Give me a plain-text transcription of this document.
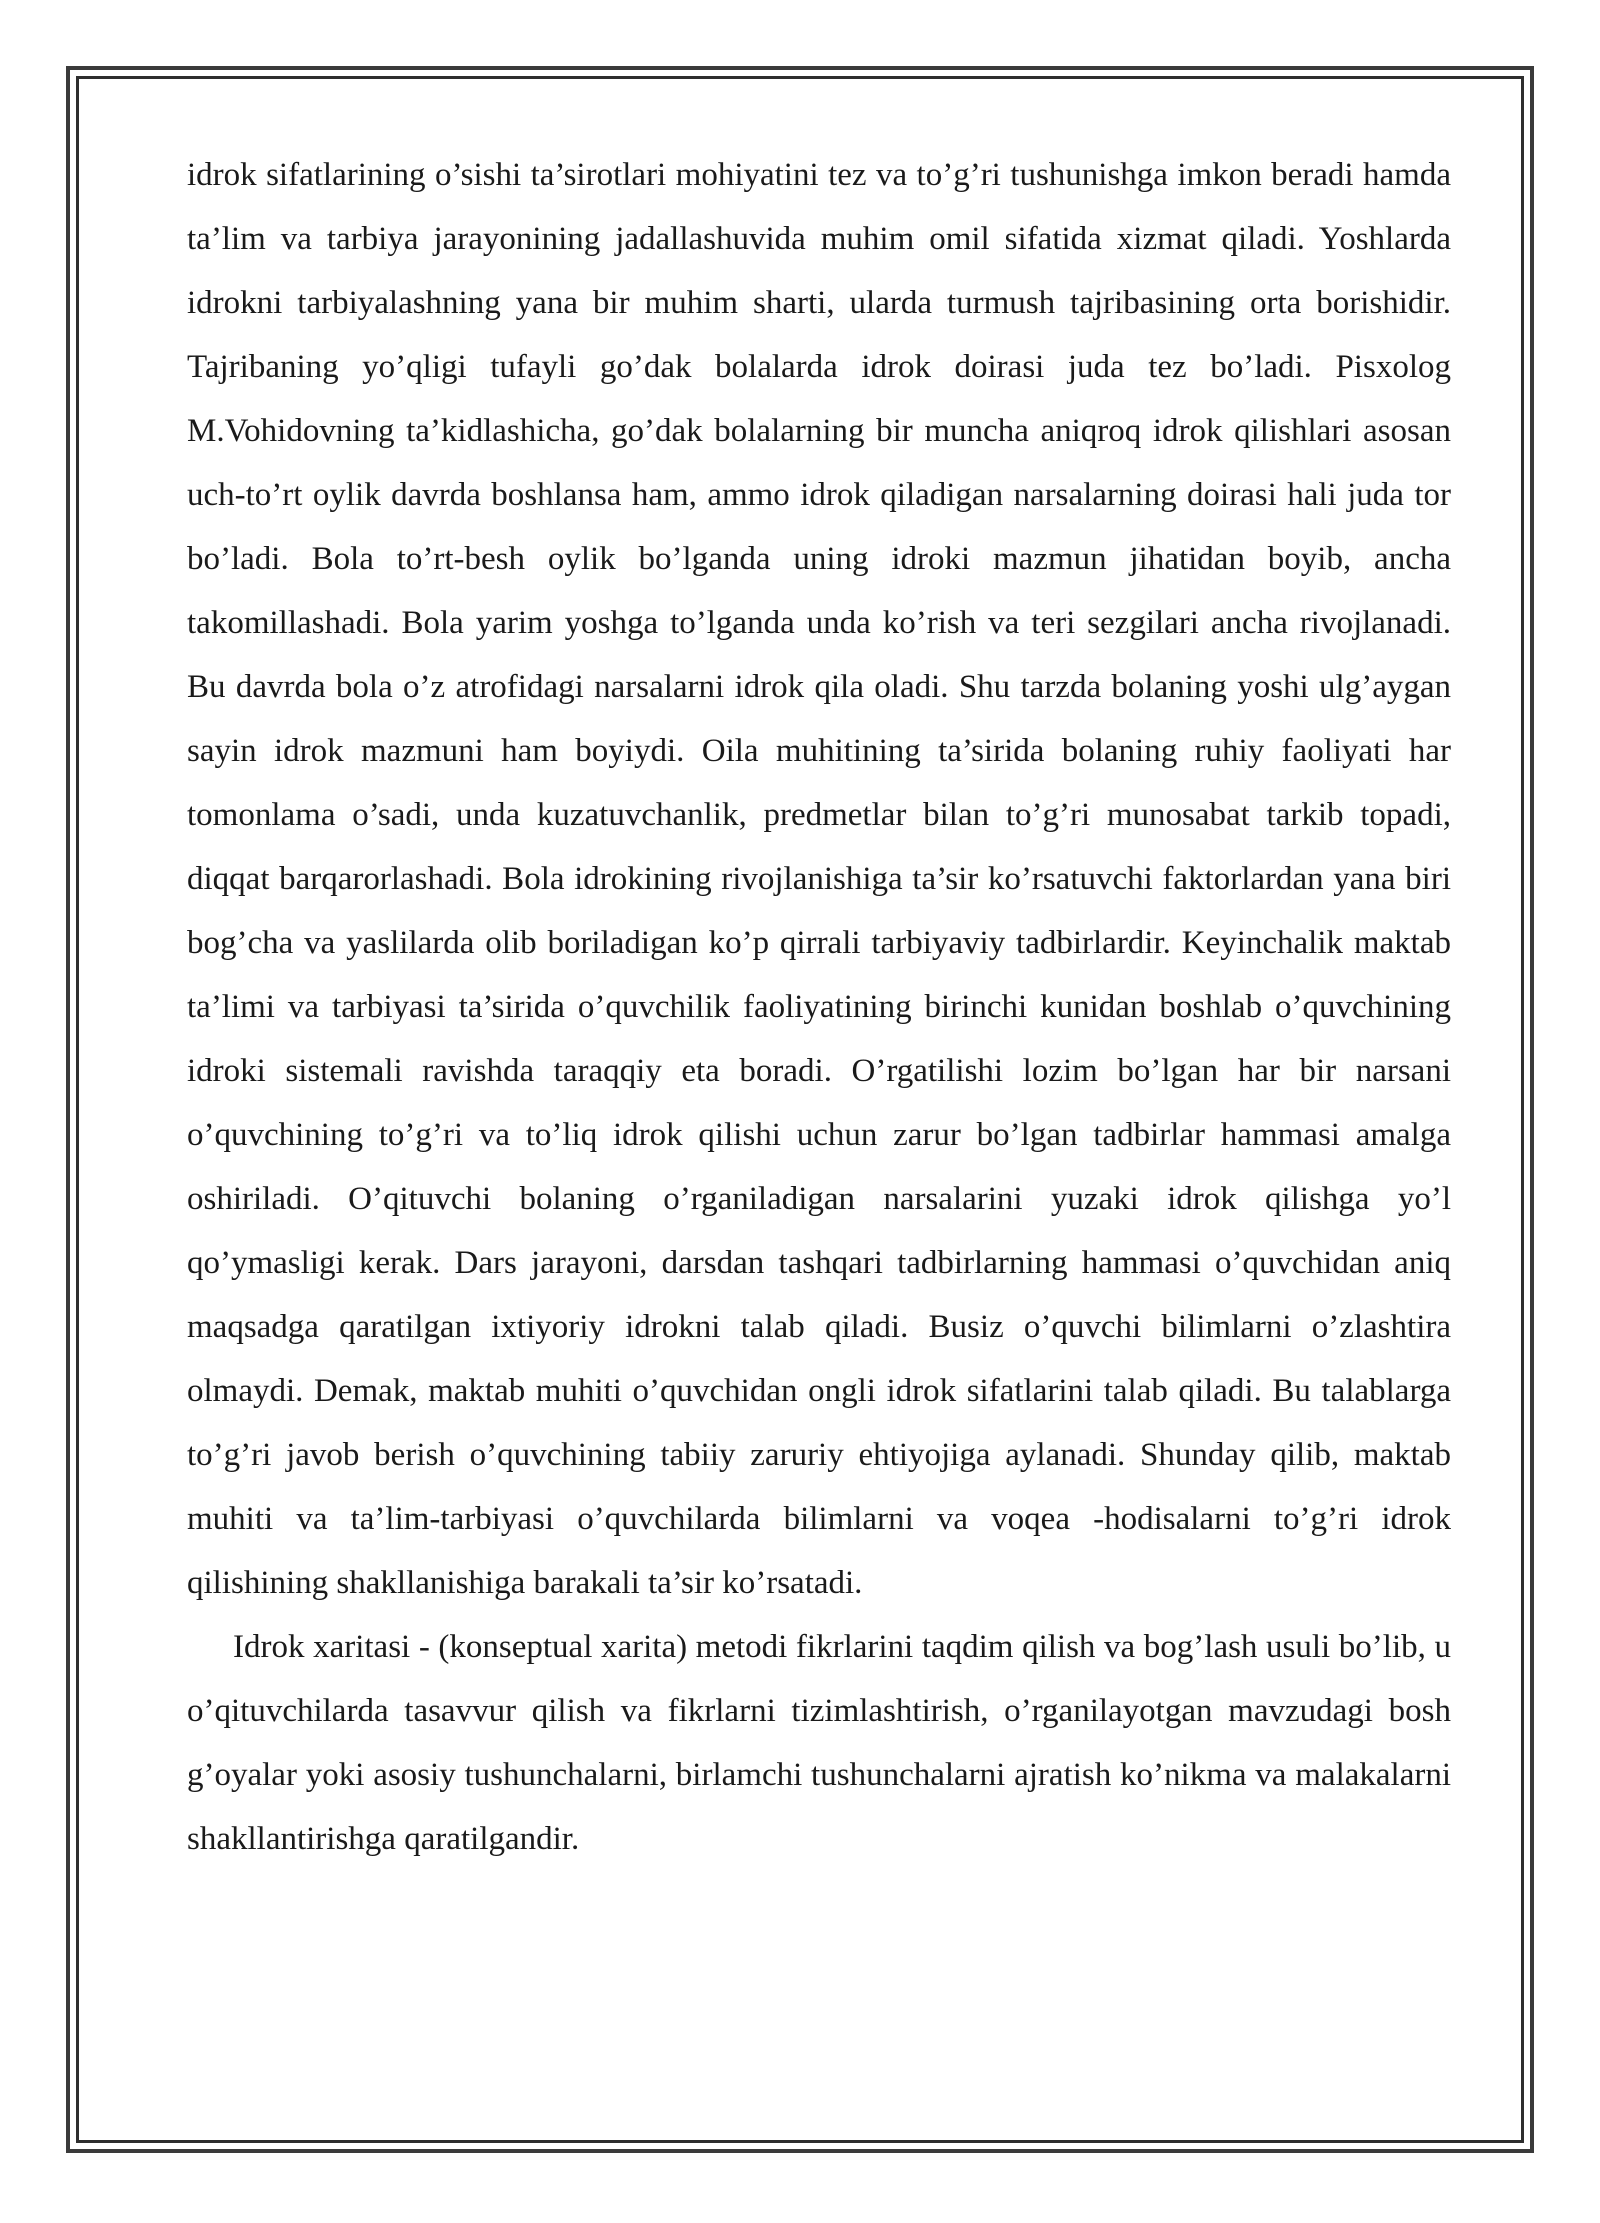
idrok sifatlarining o’sishi ta’sirotlari mohiyatini tez va to’g’ri tushunishga imkon beradi hamda ta’lim va tarbiya jarayonining jadallashuvida muhim omil sifatida xizmat qiladi. Yoshlarda idrokni tarbiyalashning yana bir muhim sharti, ularda turmush tajribasining orta borishidir. Tajribaning yo’qligi tufayli go’dak bolalarda idrok doirasi juda tez bo’ladi. Pisxolog M.Vohidovning ta’kidlashicha, go’dak bolalarning bir muncha aniqroq idrok qilishlari asosan uch-to’rt oylik davrda boshlansa ham, ammo idrok qiladigan narsalarning doirasi hali juda tor bo’ladi. Bola to’rt-besh oylik bo’lganda uning idroki mazmun jihatidan boyib, ancha takomillashadi. Bola yarim yoshga to’lganda unda ko’rish va teri sezgilari ancha rivojlanadi. Bu davrda bola o’z atrofidagi narsalarni idrok qila oladi. Shu tarzda bolaning yoshi ulg’aygan sayin idrok mazmuni ham boyiydi. Oila muhitining ta’sirida bolaning ruhiy faoliyati har tomonlama o’sadi, unda kuzatuvchanlik, predmetlar bilan to’g’ri munosabat tarkib topadi, diqqat barqarorlashadi. Bola idrokining rivojlanishiga ta’sir ko’rsatuvchi faktorlardan yana biri bog’cha va yaslilarda olib boriladigan ko’p qirrali tarbiyaviy tadbirlardir. Keyinchalik maktab ta’limi va tarbiyasi ta’sirida o’quvchilik faoliyatining birinchi kunidan boshlab o’quvchining idroki sistemali ravishda taraqqiy eta boradi. O’rgatilishi lozim bo’lgan har bir narsani o’quvchining to’g’ri va to’liq idrok qilishi uchun zarur bo’lgan tadbirlar hammasi amalga oshiriladi. O’qituvchi bolaning o’rganiladigan narsalarini yuzaki idrok qilishga yo’l qo’ymasligi kerak. Dars jarayoni, darsdan tashqari tadbirlarning hammasi o’quvchidan aniq maqsadga qaratilgan ixtiyoriy idrokni talab qiladi. Busiz o’quvchi bilimlarni o’zlashtira olmaydi. Demak, maktab muhiti o’quvchidan ongli idrok sifatlarini talab qiladi. Bu talablarga to’g’ri javob berish o’quvchining tabiiy zaruriy ehtiyojiga aylanadi. Shunday qilib, maktab muhiti va ta’lim-tarbiyasi o’quvchilarda bilimlarni va voqea -hodisalarni to’g’ri idrok qilishining shakllanishiga barakali ta’sir ko’rsatadi.

Idrok xaritasi - (konseptual xarita) metodi fikrlarini taqdim qilish va bog’lash usuli bo’lib, u o’qituvchilarda tasavvur qilish va fikrlarni tizimlashtirish, o’rganilayotgan mavzudagi bosh g’oyalar yoki asosiy tushunchalarni, birlamchi tushunchalarni ajratish ko’nikma va malakalarni shakllantirishga qaratilgandir.
